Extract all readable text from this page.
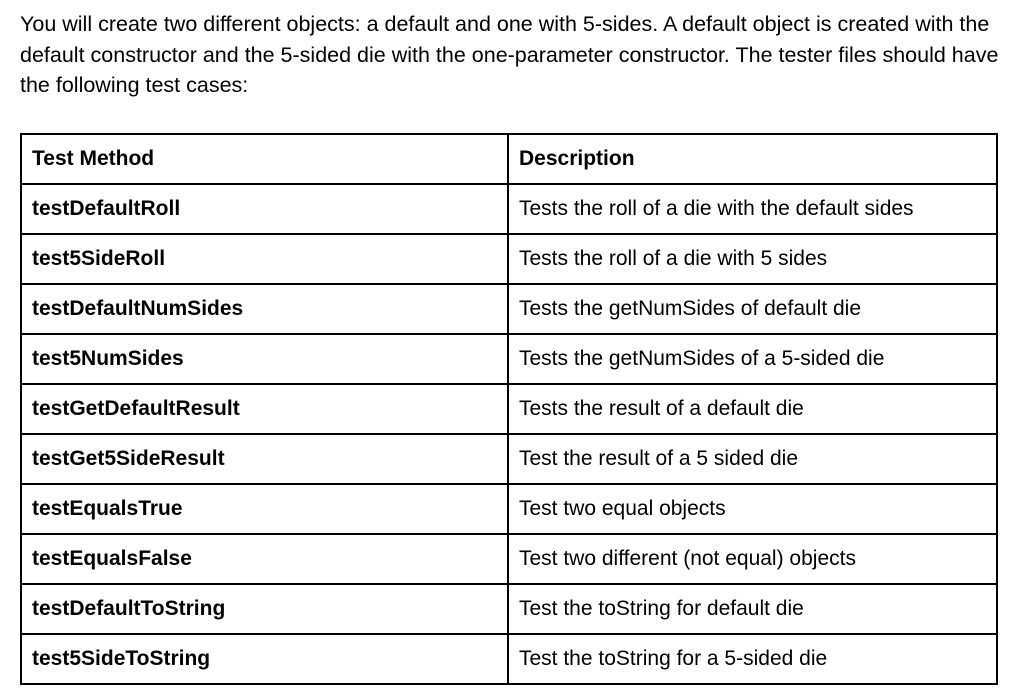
You will create two different objects: a default and one with 5-sides. A default object is created with the default constructor and the 5-sided die with the one-parameter constructor. The tester files should have the following test cases:

Test Method	Description
testDefaultRoll	Tests the roll of a die with the default sides
test5SideRoll	Tests the roll of a die with 5 sides
testDefaultNumSides	Tests the getNumSides of default die
test5NumSides	Tests the getNumSides of a 5-sided die
testGetDefaultResult	Tests the result of a default die
testGet5SideResult	Test the result of a 5 sided die
testEqualsTrue	Test two equal objects
testEqualsFalse	Test two different (not equal) objects
testDefaultToString	Test the toString for default die
test5SideToString	Test the toString for a 5-sided die
